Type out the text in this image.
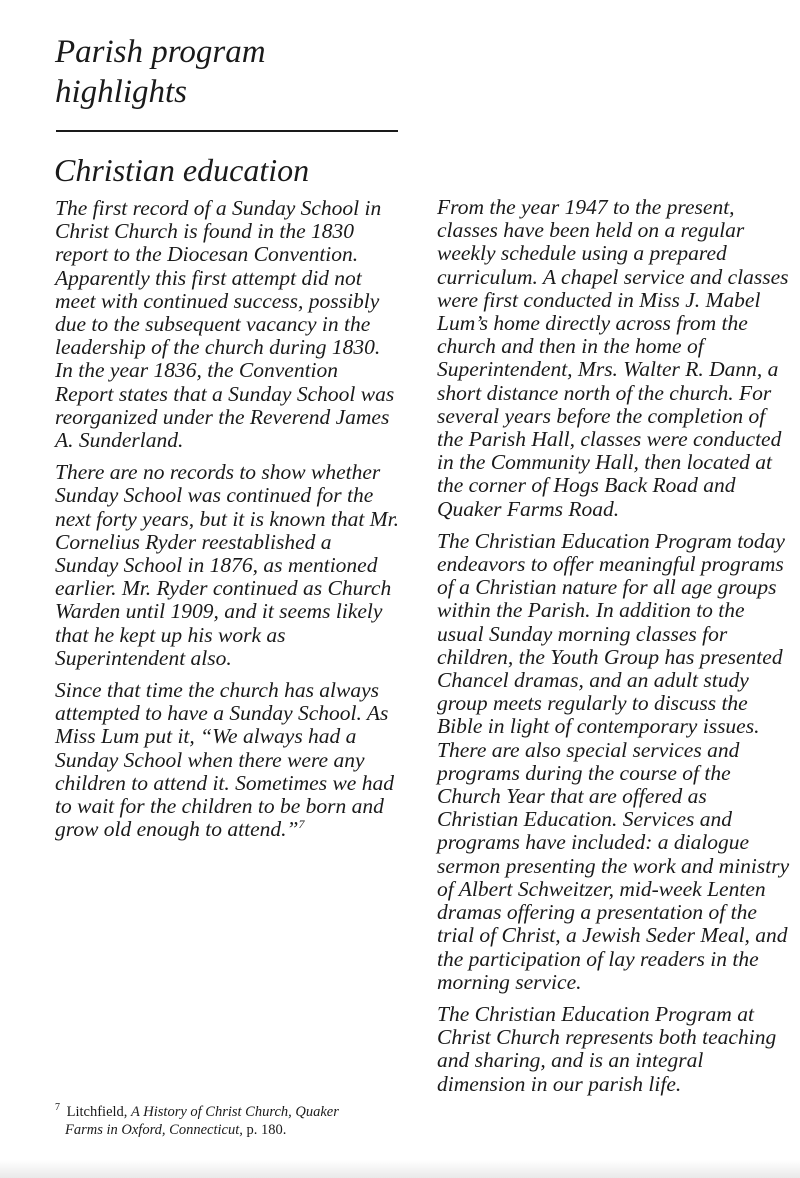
Parish program
highlights
Christian education

The first record of a Sunday School in Christ Church is found in the 1830 report to the Diocesan Convention. Apparently this first attempt did not meet with continued success, possibly due to the subsequent vacancy in the leadership of the church during 1830. In the year 1836, the Convention Report states that a Sunday School was reorganized under the Reverend James A. Sunderland.

There are no records to show whether Sunday School was continued for the next forty years, but it is known that Mr. Cornelius Ryder reestablished a Sunday School in 1876, as mentioned earlier. Mr. Ryder continued as Church Warden until 1909, and it seems likely that he kept up his work as Superintendent also.

Since that time the church has always attempted to have a Sunday School. As Miss Lum put it, “We always had a Sunday School when there were any children to attend it. Sometimes we had to wait for the children to be born and grow old enough to attend.”$^7$

From the year 1947 to the present, classes have been held on a regular weekly schedule using a prepared curriculum. A chapel service and classes were first conducted in Miss J. Mabel Lum’s home directly across from the church and then in the home of Superintendent, Mrs. Walter R. Dann, a short distance north of the church. For several years before the completion of the Parish Hall, classes were conducted in the Community Hall, then located at the corner of Hogs Back Road and Quaker Farms Road.

The Christian Education Program today endeavors to offer meaningful programs of a Christian nature for all age groups within the Parish. In addition to the usual Sunday morning classes for children, the Youth Group has presented Chancel dramas, and an adult study group meets regularly to discuss the Bible in light of contemporary issues. There are also special services and programs during the course of the Church Year that are offered as Christian Education. Services and programs have included: a dialogue sermon presenting the work and ministry of Albert Schweitzer, mid-week Lenten dramas offering a presentation of the trial of Christ, a Jewish Seder Meal, and the participation of lay readers in the morning service.

The Christian Education Program at Christ Church represents both teaching and sharing, and is an integral dimension in our parish life.

$^7$ Litchfield, A History of Christ Church, Quaker
Farms in Oxford, Connecticut, p. 180.
